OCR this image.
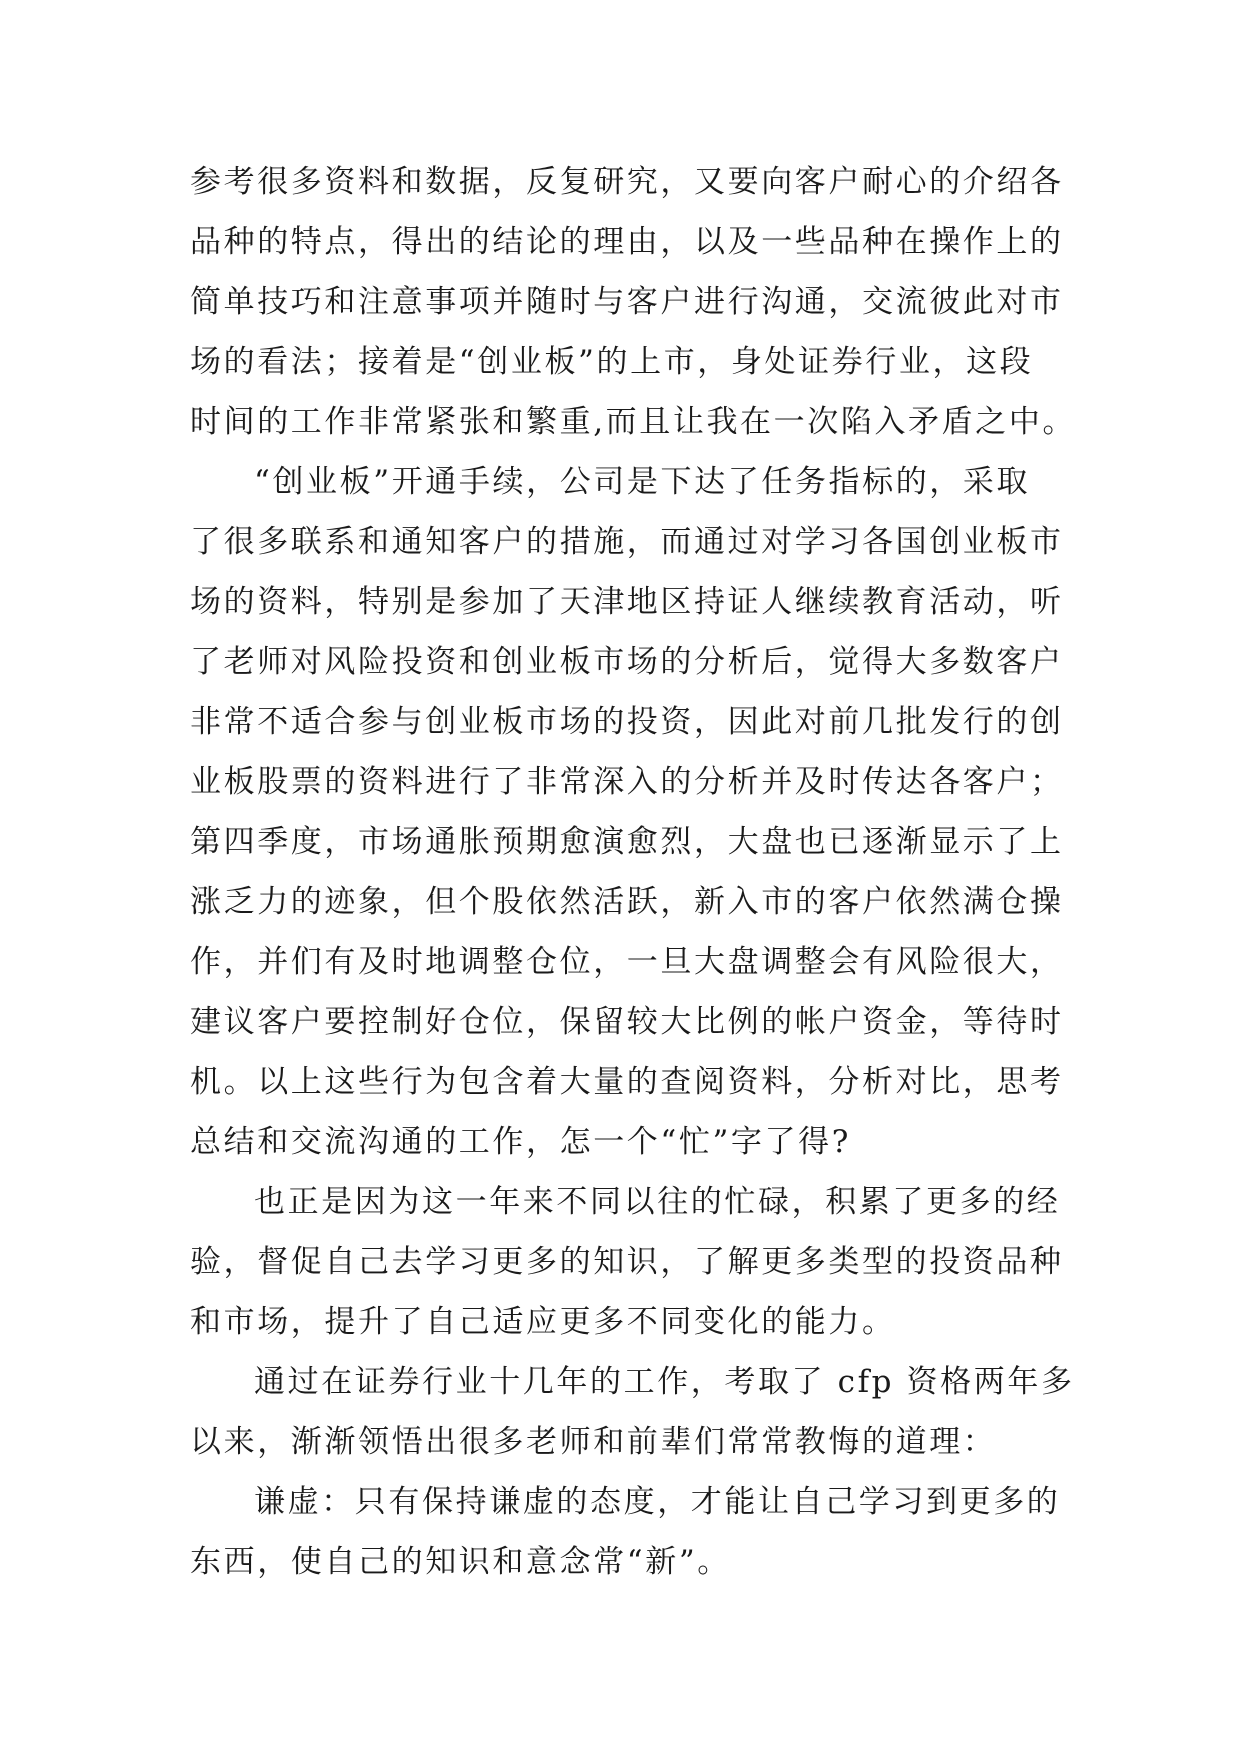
参考很多资料和数据，反复研究，又要向客户耐心的介绍各
品种的特点，得出的结论的理由，以及一些品种在操作上的
简单技巧和注意事项并随时与客户进行沟通，交流彼此对市
场的看法；接着是“创业板”的上市，身处证券行业，这段
时间的工作非常紧张和繁重,而且让我在一次陷入矛盾之中。
“创业板”开通手续，公司是下达了任务指标的，采取
了很多联系和通知客户的措施，而通过对学习各国创业板市
场的资料，特别是参加了天津地区持证人继续教育活动，听
了老师对风险投资和创业板市场的分析后，觉得大多数客户
非常不适合参与创业板市场的投资，因此对前几批发行的创
业板股票的资料进行了非常深入的分析并及时传达各客户；
第四季度，市场通胀预期愈演愈烈，大盘也已逐渐显示了上
涨乏力的迹象，但个股依然活跃，新入市的客户依然满仓操
作，并们有及时地调整仓位，一旦大盘调整会有风险很大，
建议客户要控制好仓位，保留较大比例的帐户资金，等待时
机。以上这些行为包含着大量的查阅资料，分析对比，思考
总结和交流沟通的工作，怎一个“忙”字了得?
也正是因为这一年来不同以往的忙碌，积累了更多的经
验，督促自己去学习更多的知识，了解更多类型的投资品种
和市场，提升了自己适应更多不同变化的能力。
通过在证券行业十几年的工作，考取了 cfp 资格两年多
以来，渐渐领悟出很多老师和前辈们常常教悔的道理：
谦虚：只有保持谦虚的态度，才能让自己学习到更多的
东西，使自己的知识和意念常“新”。
